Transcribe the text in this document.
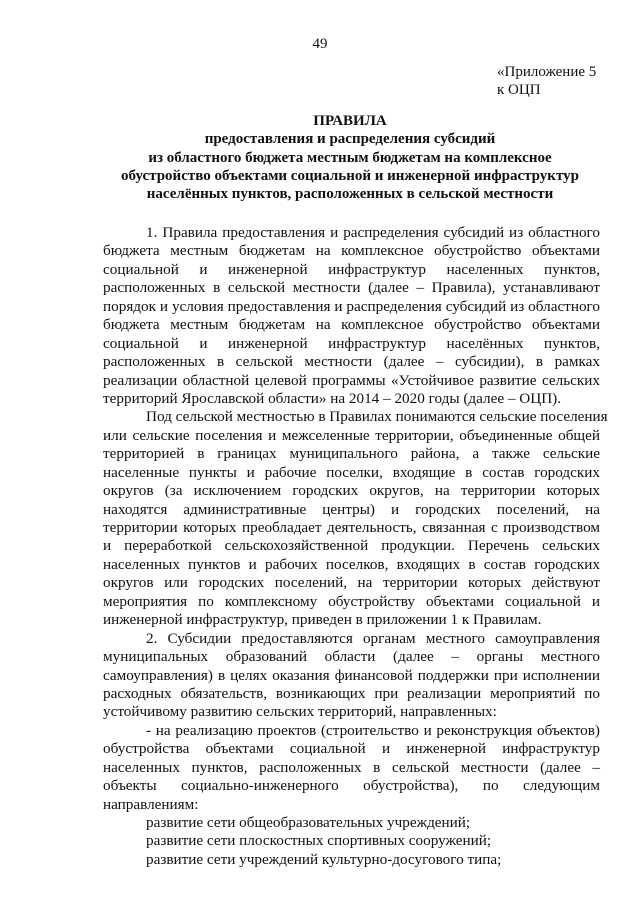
49
«Приложение 5
к ОЦП
ПРАВИЛА
предоставления и распределения субсидий
из областного бюджета местным бюджетам на комплексное
обустройство объектами социальной и инженерной инфраструктур
населённых пунктов, расположенных в сельской местности
1. Правила предоставления и распределения субсидий из областного
бюджета местным бюджетам на комплексное обустройство объектами
социальной и инженерной инфраструктур населенных пунктов,
расположенных в сельской местности (далее – Правила), устанавливают
порядок и условия предоставления и распределения субсидий из областного
бюджета местным бюджетам на комплексное обустройство объектами
социальной и инженерной инфраструктур населённых пунктов,
расположенных в сельской местности (далее – субсидии), в рамках
реализации областной целевой программы «Устойчивое развитие сельских
территорий Ярославской области» на 2014 – 2020 годы (далее – ОЦП).
Под сельской местностью в Правилах понимаются сельские поселения
или сельские поселения и межселенные территории, объединенные общей
территорией в границах муниципального района, а также сельские
населенные пункты и рабочие поселки, входящие в состав городских
округов (за исключением городских округов, на территории которых
находятся административные центры) и городских поселений, на
территории которых преобладает деятельность, связанная с производством
и переработкой сельскохозяйственной продукции. Перечень сельских
населенных пунктов и рабочих поселков, входящих в состав городских
округов или городских поселений, на территории которых действуют
мероприятия по комплексному обустройству объектами социальной и
инженерной инфраструктур, приведен в приложении 1 к Правилам.
2. Субсидии предоставляются органам местного самоуправления
муниципальных образований области (далее – органы местного
самоуправления) в целях оказания финансовой поддержки при исполнении
расходных обязательств, возникающих при реализации мероприятий по
устойчивому развитию сельских территорий, направленных:
- на реализацию проектов (строительство и реконструкция объектов)
обустройства объектами социальной и инженерной инфраструктур
населенных пунктов, расположенных в сельской местности (далее –
объекты социально-инженерного обустройства), по следующим
направлениям:
развитие сети общеобразовательных учреждений;
развитие сети плоскостных спортивных сооружений;
развитие сети учреждений культурно-досугового типа;
